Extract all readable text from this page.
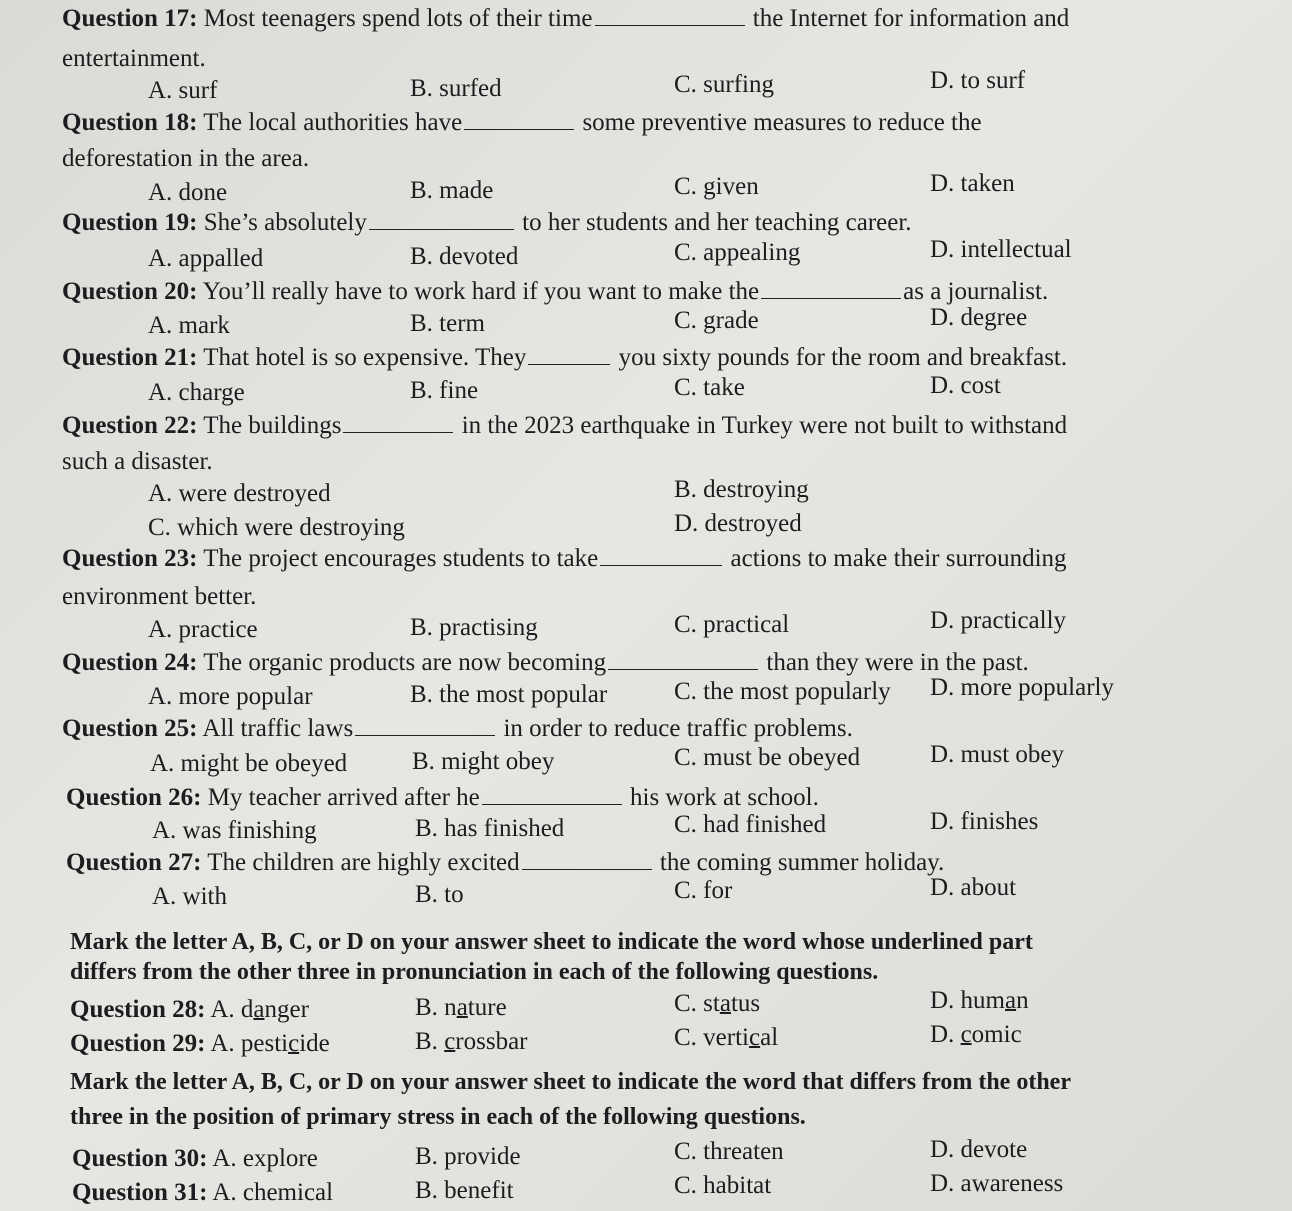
Question 17: Most teenagers spend lots of their time	the Internet for information and
entertainment.
A. surf	B. surfed	C. surfing	D. to surf
Question 18: The local authorities have	some preventive measures to reduce the
deforestation in the area.
A. done	B. made	C. given	D. taken
Question 19: She’s absolutely	to her students and her teaching career.
A. appalled	B. devoted	C. appealing	D. intellectual
Question 20: You’ll really have to work hard if you want to make the	as a journalist.
A. mark	B. term	C. grade	D. degree
Question 21: That hotel is so expensive. They	you sixty pounds for the room and breakfast.
A. charge	B. fine	C. take	D. cost
Question 22: The buildings	in the 2023 earthquake in Turkey were not built to withstand
such a disaster.
A. were destroyed	B. destroying
C. which were destroying	D. destroyed
Question 23: The project encourages students to take	actions to make their surrounding
environment better.
A. practice	B. practising	C. practical	D. practically
Question 24: The organic products are now becoming	than they were in the past.
A. more popular	B. the most popular	C. the most popularly D. more popularly
Question 25: All traffic laws	in order to reduce traffic problems.
A. might be obeyed	B. might obey	C. must be obeyed	D. must obey
Question 26: My teacher arrived after he	his work at school.
A. was finishing	B. has finished	C. had finished	D. finishes
Question 27: The children are highly excited	the coming summer holiday.
A. with	B. to	C. for	D. about
Mark the letter A, B, C, or D on your answer sheet to indicate the word whose underlined part
differs from the other three in pronunciation in each of the following questions.
Question 28: A. danger	B. nature	C. status	D. human
Question 29: A. pesticide	B. crossbar	C. vertical	D. comic
Mark the letter A, B, C, or D on your answer sheet to indicate the word that differs from the other
three in the position of primary stress in each of the following questions.
Question 30: A. explore	B. provide	C. threaten	D. devote
Question 31: A. chemical	B. benefit	C. habitat	D. awareness
